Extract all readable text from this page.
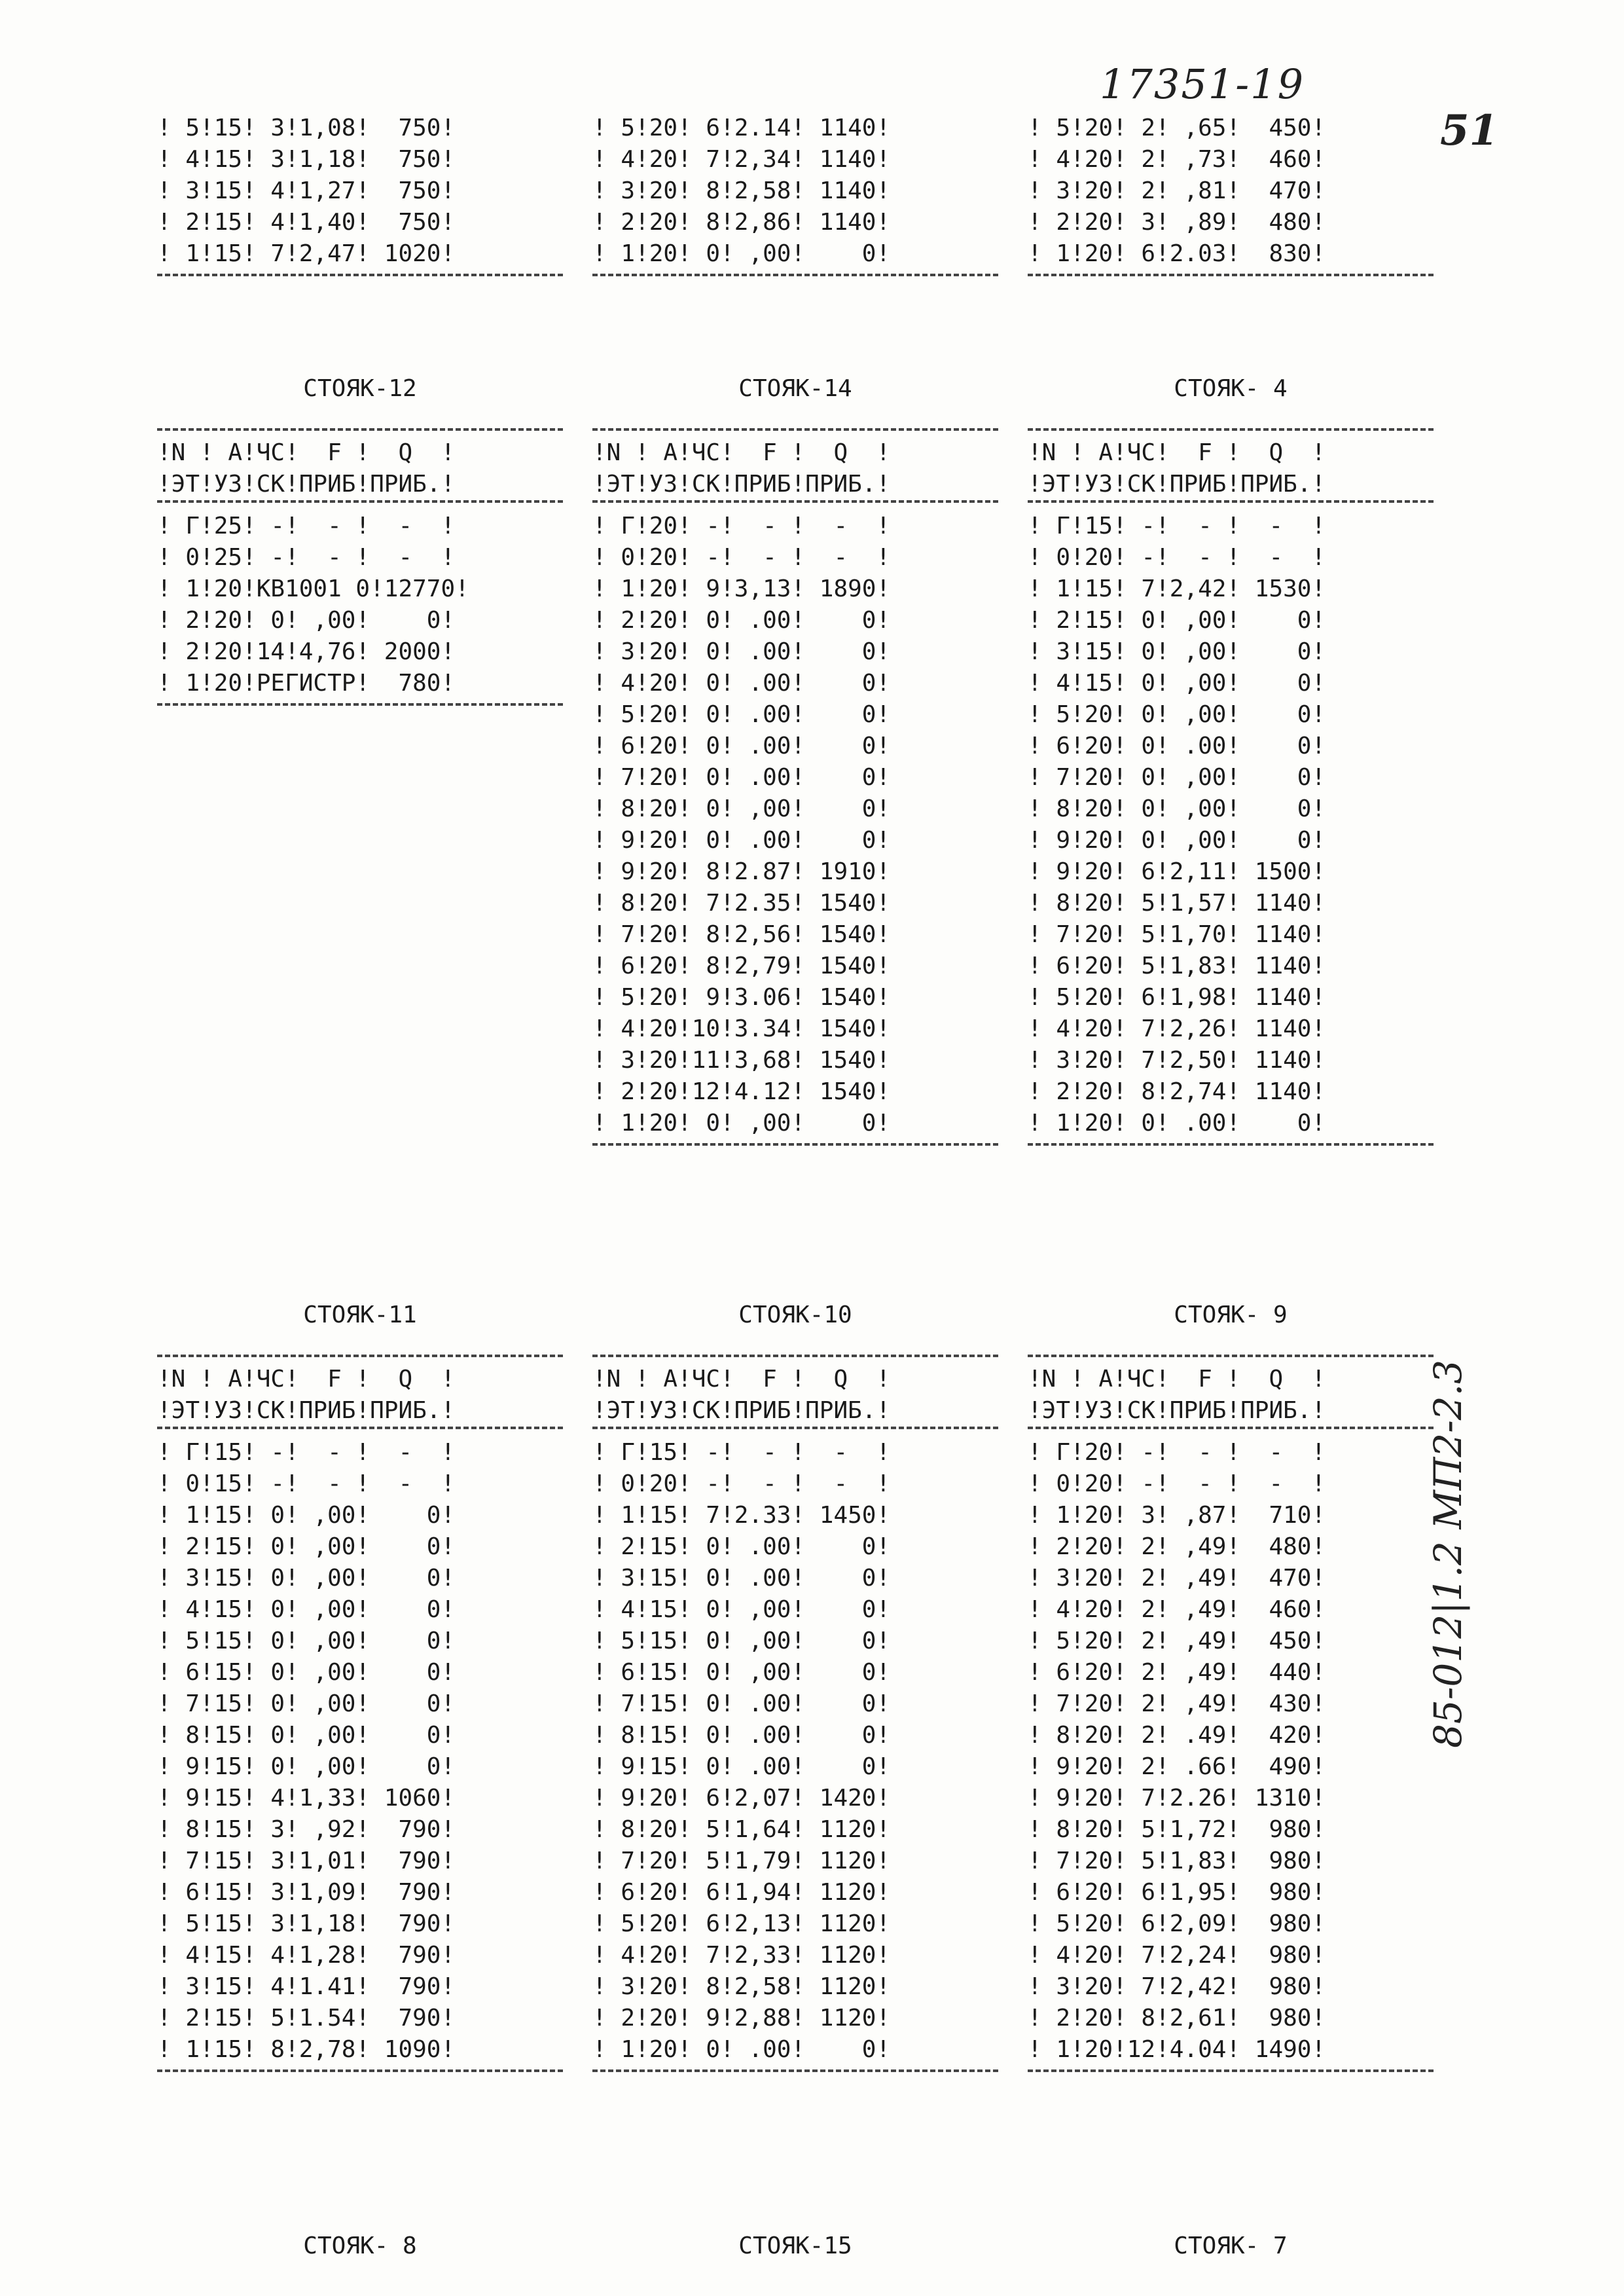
17351-19
51
85-012|1.2 МП2-2.3
! 5!15! 3!1,08!  750!
! 4!15! 3!1,18!  750!
! 3!15! 4!1,27!  750!
! 2!15! 4!1,40!  750!
! 1!15! 7!2,47! 1020!
! 5!20! 6!2.14! 1140!
! 4!20! 7!2,34! 1140!
! 3!20! 8!2,58! 1140!
! 2!20! 8!2,86! 1140!
! 1!20! 0! ,00!    0!
! 5!20! 2! ,65!  450!
! 4!20! 2! ,73!  460!
! 3!20! 2! ,81!  470!
! 2!20! 3! ,89!  480!
! 1!20! 6!2.03!  830!
СТОЯК-12
!N ! А!ЧС!  F !  Q  !
!ЭТ!УЗ!СК!ПРИБ!ПРИБ.!
! Г!25! -!  - !  -  !
! 0!25! -!  - !  -  !
! 1!20!КВ1001 0!12770!
! 2!20! 0! ,00!    0!
! 2!20!14!4,76! 2000!
! 1!20!РЕГИСТР!  780!
СТОЯК-14
!N ! А!ЧС!  F !  Q  !
!ЭТ!УЗ!СК!ПРИБ!ПРИБ.!
! Г!20! -!  - !  -  !
! 0!20! -!  - !  -  !
! 1!20! 9!3,13! 1890!
! 2!20! 0! .00!    0!
! 3!20! 0! .00!    0!
! 4!20! 0! .00!    0!
! 5!20! 0! .00!    0!
! 6!20! 0! .00!    0!
! 7!20! 0! .00!    0!
! 8!20! 0! ,00!    0!
! 9!20! 0! .00!    0!
! 9!20! 8!2.87! 1910!
! 8!20! 7!2.35! 1540!
! 7!20! 8!2,56! 1540!
! 6!20! 8!2,79! 1540!
! 5!20! 9!3.06! 1540!
! 4!20!10!3.34! 1540!
! 3!20!11!3,68! 1540!
! 2!20!12!4.12! 1540!
! 1!20! 0! ,00!    0!
СТОЯК- 4
!N ! А!ЧС!  F !  Q  !
!ЭТ!УЗ!СК!ПРИБ!ПРИБ.!
! Г!15! -!  - !  -  !
! 0!20! -!  - !  -  !
! 1!15! 7!2,42! 1530!
! 2!15! 0! ,00!    0!
! 3!15! 0! ,00!    0!
! 4!15! 0! ,00!    0!
! 5!20! 0! ,00!    0!
! 6!20! 0! .00!    0!
! 7!20! 0! ,00!    0!
! 8!20! 0! ,00!    0!
! 9!20! 0! ,00!    0!
! 9!20! 6!2,11! 1500!
! 8!20! 5!1,57! 1140!
! 7!20! 5!1,70! 1140!
! 6!20! 5!1,83! 1140!
! 5!20! 6!1,98! 1140!
! 4!20! 7!2,26! 1140!
! 3!20! 7!2,50! 1140!
! 2!20! 8!2,74! 1140!
! 1!20! 0! .00!    0!
СТОЯК-11
!N ! А!ЧС!  F !  Q  !
!ЭТ!УЗ!СК!ПРИБ!ПРИБ.!
! Г!15! -!  - !  -  !
! 0!15! -!  - !  -  !
! 1!15! 0! ,00!    0!
! 2!15! 0! ,00!    0!
! 3!15! 0! ,00!    0!
! 4!15! 0! ,00!    0!
! 5!15! 0! ,00!    0!
! 6!15! 0! ,00!    0!
! 7!15! 0! ,00!    0!
! 8!15! 0! ,00!    0!
! 9!15! 0! ,00!    0!
! 9!15! 4!1,33! 1060!
! 8!15! 3! ,92!  790!
! 7!15! 3!1,01!  790!
! 6!15! 3!1,09!  790!
! 5!15! 3!1,18!  790!
! 4!15! 4!1,28!  790!
! 3!15! 4!1.41!  790!
! 2!15! 5!1.54!  790!
! 1!15! 8!2,78! 1090!
СТОЯК-10
!N ! А!ЧС!  F !  Q  !
!ЭТ!УЗ!СК!ПРИБ!ПРИБ.!
! Г!15! -!  - !  -  !
! 0!20! -!  - !  -  !
! 1!15! 7!2.33! 1450!
! 2!15! 0! .00!    0!
! 3!15! 0! .00!    0!
! 4!15! 0! ,00!    0!
! 5!15! 0! ,00!    0!
! 6!15! 0! ,00!    0!
! 7!15! 0! .00!    0!
! 8!15! 0! .00!    0!
! 9!15! 0! .00!    0!
! 9!20! 6!2,07! 1420!
! 8!20! 5!1,64! 1120!
! 7!20! 5!1,79! 1120!
! 6!20! 6!1,94! 1120!
! 5!20! 6!2,13! 1120!
! 4!20! 7!2,33! 1120!
! 3!20! 8!2,58! 1120!
! 2!20! 9!2,88! 1120!
! 1!20! 0! .00!    0!
СТОЯК- 9
!N ! А!ЧС!  F !  Q  !
!ЭТ!УЗ!СК!ПРИБ!ПРИБ.!
! Г!20! -!  - !  -  !
! 0!20! -!  - !  -  !
! 1!20! 3! ,87!  710!
! 2!20! 2! ,49!  480!
! 3!20! 2! ,49!  470!
! 4!20! 2! ,49!  460!
! 5!20! 2! ,49!  450!
! 6!20! 2! ,49!  440!
! 7!20! 2! ,49!  430!
! 8!20! 2! .49!  420!
! 9!20! 2! .66!  490!
! 9!20! 7!2.26! 1310!
! 8!20! 5!1,72!  980!
! 7!20! 5!1,83!  980!
! 6!20! 6!1,95!  980!
! 5!20! 6!2,09!  980!
! 4!20! 7!2,24!  980!
! 3!20! 7!2,42!  980!
! 2!20! 8!2,61!  980!
! 1!20!12!4.04! 1490!
СТОЯК- 8	СТОЯК-15	СТОЯК- 7
